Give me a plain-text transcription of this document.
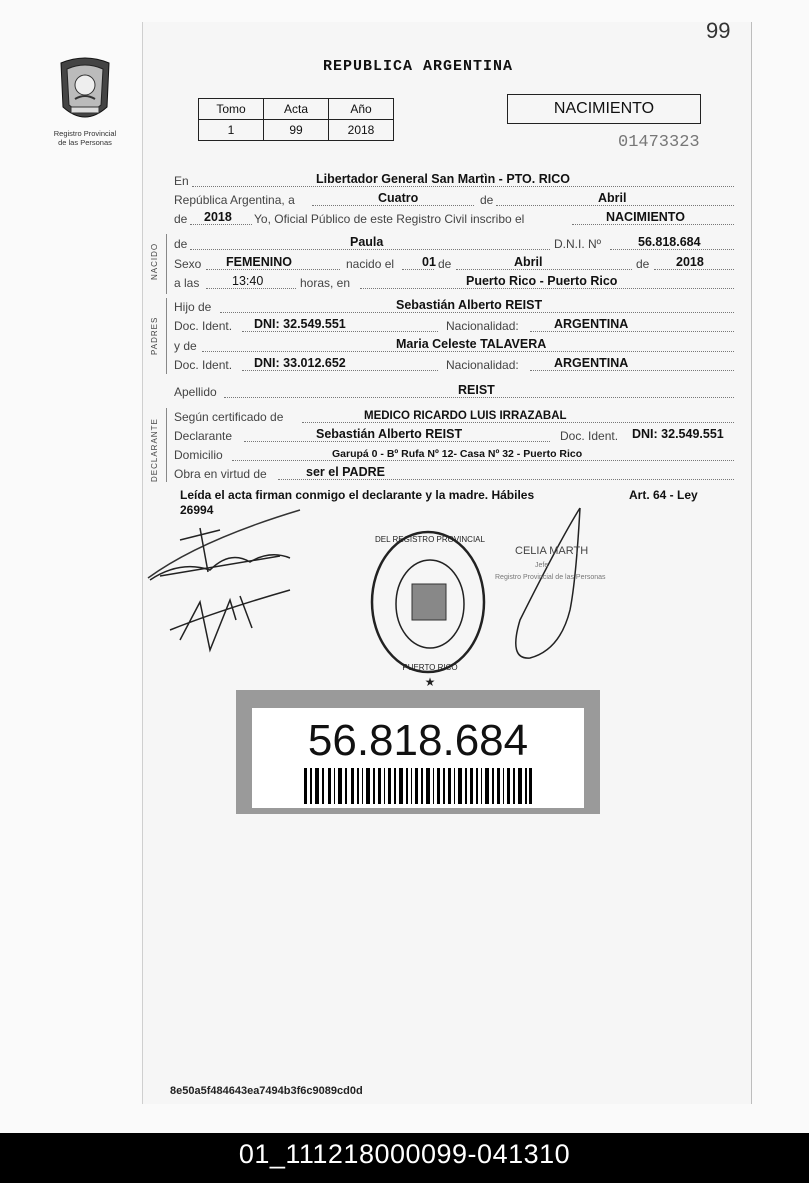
99
Registro Provincial
de las Personas
REPUBLICA ARGENTINA
Tomo	Acta	Año
1	99	2018
NACIMIENTO
01473323
En	Libertador General San Martìn - PTO. RICO
República Argentina, a	Cuatro	de	Abril
de 2018 Yo, Oficial Público de este Registro Civil inscribo el	NACIMIENTO
NACIDO de	Paula	D.N.I. Nº	56.818.684
Sexo FEMENINO	nacido el 01 de	Abril	de 2018
a las	13:40	horas, en	Puerto Rico - Puerto Rico
PADRES
Hijo de	Sebastián Alberto REIST
Doc. Ident. DNI: 32.549.551	Nacionalidad:	ARGENTINA
y de	Maria Celeste TALAVERA
Doc. Ident. DNI: 33.012.652	Nacionalidad:	ARGENTINA
Apellido	REIST
DECLARANTE
Según certificado de	MEDICO RICARDO LUIS IRRAZABAL
Declarante	Sebastián Alberto REIST	Doc. Ident. DNI: 32.549.551
Domicilio	Garupá 0 - Bº Rufa Nº 12- Casa Nº 32 - Puerto Rico
Obra en virtud de	ser el PADRE
Leída el acta firman conmigo el declarante y la madre. Hábiles
26994
Art. 64 - Ley
DEL REGISTRO PROVINCIAL
PUERTO RICO
★
CELIA MARTH
Jefe
Registro Provincial de las Personas
56.818.684
8e50a5f484643ea7494b3f6c9089cd0d
01_111218000099-041310
